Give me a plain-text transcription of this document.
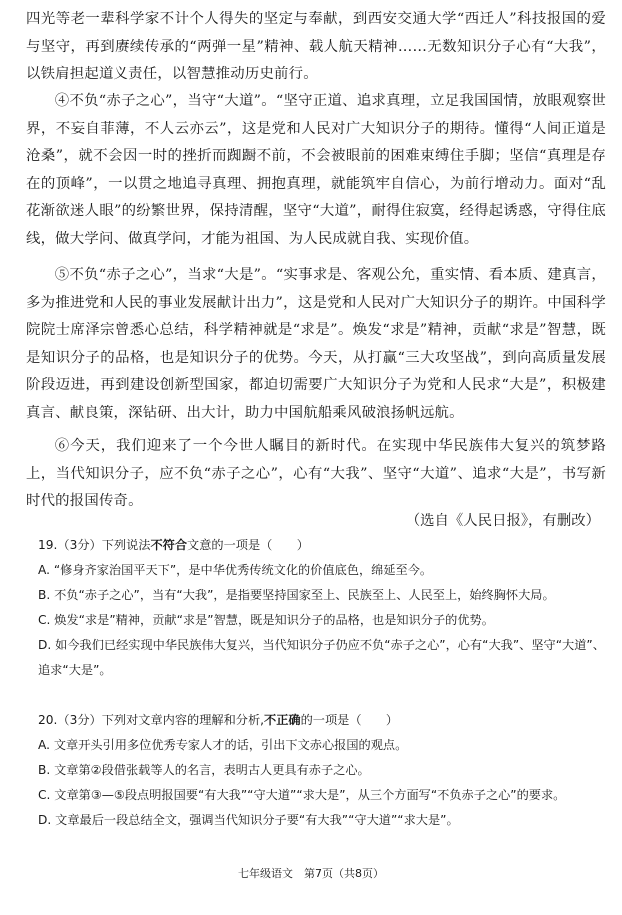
四光等老一辈科学家不计个人得失的坚定与奉献，到西安交通大学“西迁人”科技报国的爱与坚守，再到赓续传承的“两弹一星”精神、载人航天精神……无数知识分子心有“大我”，以铁肩担起道义责任，以智慧推动历史前行。

④不负“赤子之心”，当守“大道”。“坚守正道、追求真理，立足我国国情，放眼观察世界，不妄自菲薄，不人云亦云”，这是党和人民对广大知识分子的期待。懂得“人间正道是沧桑”，就不会因一时的挫折而踟蹰不前，不会被眼前的困难束缚住手脚；坚信“真理是存在的顶峰”，一以贯之地追寻真理、拥抱真理，就能筑牢自信心，为前行增动力。面对“乱花渐欲迷人眼”的纷繁世界，保持清醒，坚守“大道”，耐得住寂寞，经得起诱惑，守得住底线，做大学问、做真学问，才能为祖国、为人民成就自我、实现价值。

⑤不负“赤子之心”，当求“大是”。“实事求是、客观公允，重实情、看本质、建真言，多为推进党和人民的事业发展献计出力”，这是党和人民对广大知识分子的期许。中国科学院院士席泽宗曾悉心总结，科学精神就是“求是”。焕发“求是”精神，贡献“求是”智慧，既是知识分子的品格，也是知识分子的优势。今天，从打赢“三大攻坚战”，到向高质量发展阶段迈进，再到建设创新型国家，都迫切需要广大知识分子为党和人民求“大是”，积极建真言、献良策，深钻研、出大计，助力中国航船乘风破浪扬帆远航。

⑥今天，我们迎来了一个今世人瞩目的新时代。在实现中华民族伟大复兴的筑梦路上，当代知识分子，应不负“赤子之心”，心有“大我”、坚守“大道”、追求“大是”，书写新时代的报国传奇。

（选自《人民日报》，有删改）

19.（3分）下列说法不符合文意的一项是（　　）
A. “修身齐家治国平天下”，是中华优秀传统文化的价值底色，绵延至今。
B. 不负“赤子之心”，当有“大我”，是指要坚持国家至上、民族至上、人民至上，始终胸怀大局。
C. 焕发“求是”精神，贡献“求是”智慧，既是知识分子的品格，也是知识分子的优势。
D. 如今我们已经实现中华民族伟大复兴，当代知识分子仍应不负“赤子之心”，心有“大我”、坚守“大道”、追求“大是”。
20.（3分）下列对文章内容的理解和分析,不正确的一项是（　　）
A. 文章开头引用多位优秀专家人才的话，引出下文赤心报国的观点。
B. 文章第②段借张载等人的名言，表明古人更具有赤子之心。
C. 文章第③—⑤段点明报国要“有大我”“守大道”“求大是”，从三个方面写“不负赤子之心”的要求。
D. 文章最后一段总结全文，强调当代知识分子要“有大我”“守大道”“求大是”。
七年级语文　第7页（共8页）
